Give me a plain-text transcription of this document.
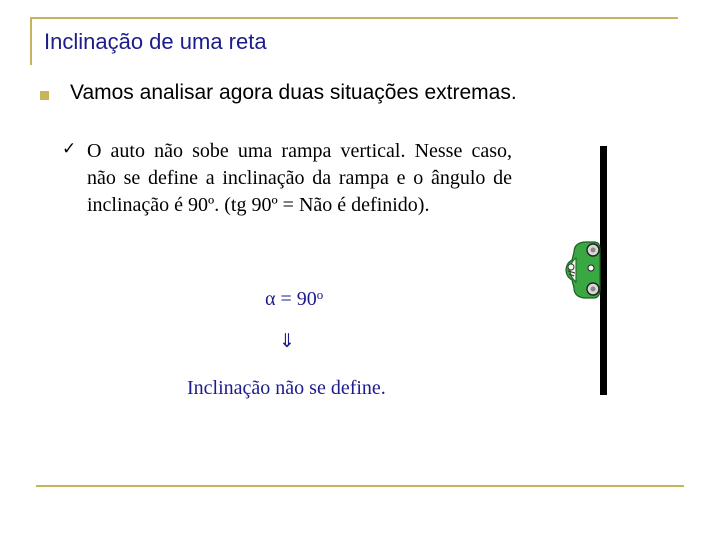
Inclinação de uma reta
Vamos analisar agora duas situações extremas.
✓ O auto não sobe uma rampa vertical. Nesse caso, não se define a inclinação da rampa e o ângulo de inclinação é 90º. (tg 90º = Não é definido).
$\alpha = 90^o$
⇓
Inclinação não se define.
